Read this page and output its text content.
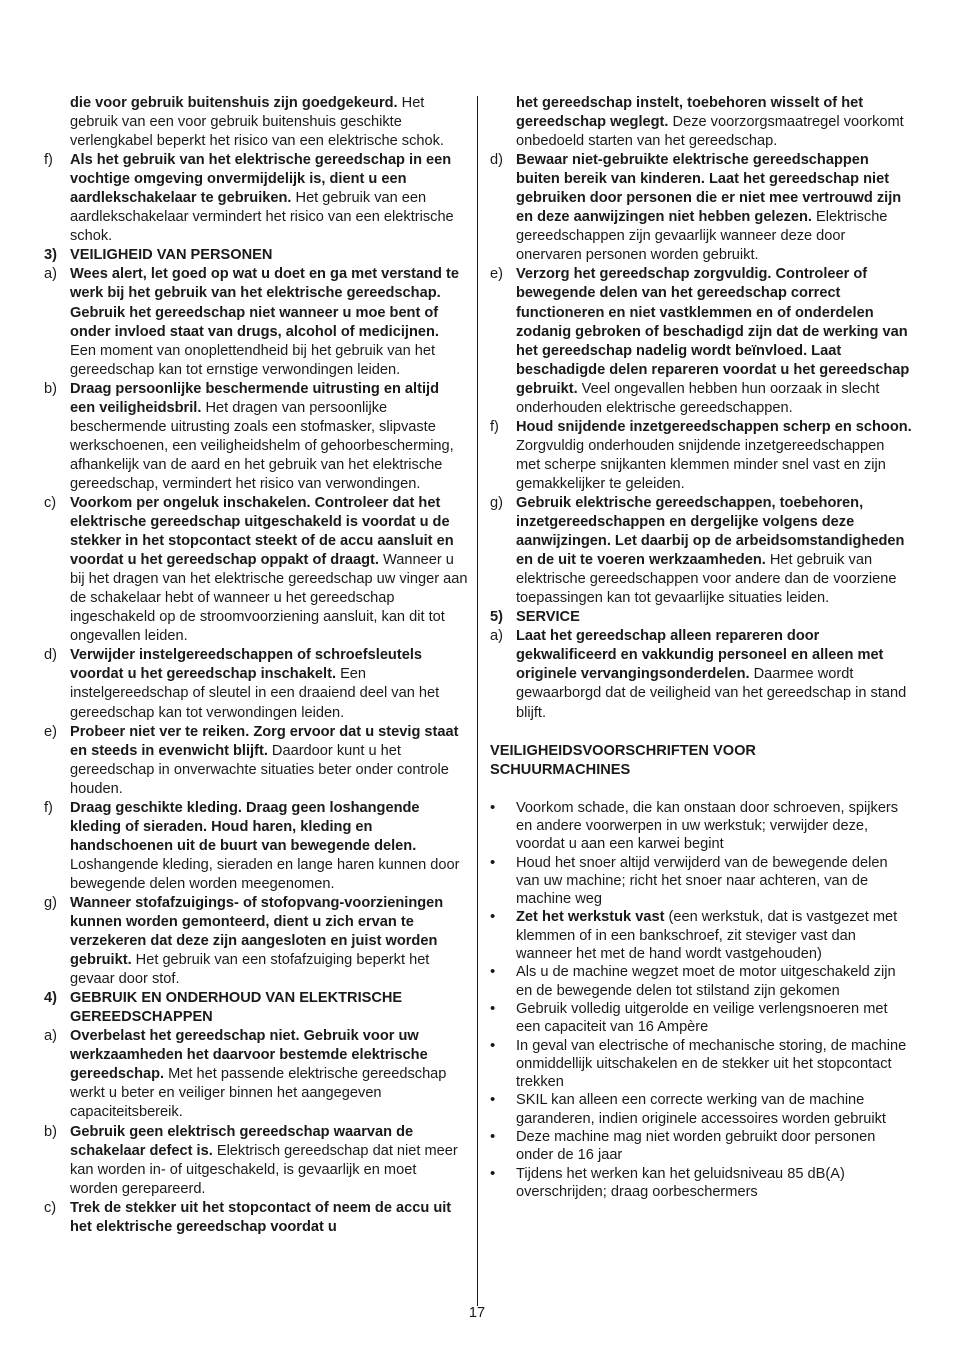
die voor gebruik buitenshuis zijn goedgekeurd. Het gebruik van een voor gebruik buitenshuis geschikte verlengkabel beperkt het risico van een elektrische schok.
f)	Als het gebruik van het elektrische gereedschap in een vochtige omgeving onvermijdelijk is, dient u een aardlekschakelaar te gebruiken. Het gebruik van een aardlekschakelaar vermindert het risico van een elektrische schok.
3) VEILIGHEID VAN PERSONEN
a) Wees alert, let goed op wat u doet en ga met verstand te werk bij het gebruik van het elektrische gereedschap. Gebruik het gereedschap niet wanneer u moe bent of onder invloed staat van drugs, alcohol of medicijnen. Een moment van onoplettendheid bij het gebruik van het gereedschap kan tot ernstige verwondingen leiden.
b) Draag persoonlijke beschermende uitrusting en altijd een veiligheidsbril. Het dragen van persoonlijke beschermende uitrusting zoals een stofmasker, slipvaste werkschoenen, een veiligheidshelm of gehoorbescherming, afhankelijk van de aard en het gebruik van het elektrische gereedschap, vermindert het risico van verwondingen.
c) Voorkom per ongeluk inschakelen. Controleer dat het elektrische gereedschap uitgeschakeld is voordat u de stekker in het stopcontact steekt of de accu aansluit en voordat u het gereedschap oppakt of draagt. Wanneer u bij het dragen van het elektrische gereedschap uw vinger aan de schakelaar hebt of wanneer u het gereedschap ingeschakeld op de stroomvoorziening aansluit, kan dit tot ongevallen leiden.
d) Verwijder instelgereedschappen of schroefsleutels voordat u het gereedschap inschakelt. Een instelgereedschap of sleutel in een draaiend deel van het gereedschap kan tot verwondingen leiden.
e) Probeer niet ver te reiken. Zorg ervoor dat u stevig staat en steeds in evenwicht blijft. Daardoor kunt u het gereedschap in onverwachte situaties beter onder controle houden.
f)	Draag geschikte kleding. Draag geen loshangende kleding of sieraden. Houd haren, kleding en handschoenen uit de buurt van bewegende delen. Loshangende kleding, sieraden en lange haren kunnen door bewegende delen worden meegenomen.
g) Wanneer stofafzuigings- of stofopvang-voorzieningen kunnen worden gemonteerd, dient u zich ervan te verzekeren dat deze zijn aangesloten en juist worden gebruikt. Het gebruik van een stofafzuiging beperkt het gevaar door stof.
4) GEBRUIK EN ONDERHOUD VAN ELEKTRISCHE GEREEDSCHAPPEN
a) Overbelast het gereedschap niet. Gebruik voor uw werkzaamheden het daarvoor bestemde elektrische gereedschap. Met het passende elektrische gereedschap werkt u beter en veiliger binnen het aangegeven capaciteitsbereik.
b) Gebruik geen elektrisch gereedschap waarvan de schakelaar defect is. Elektrisch gereedschap dat niet meer kan worden in- of uitgeschakeld, is gevaarlijk en moet worden gerepareerd.
c) Trek de stekker uit het stopcontact of neem de accu uit het elektrische gereedschap voordat u
het gereedschap instelt, toebehoren wisselt of het gereedschap weglegt. Deze voorzorgsmaatregel voorkomt onbedoeld starten van het gereedschap.
d) Bewaar niet-gebruikte elektrische gereedschappen buiten bereik van kinderen. Laat het gereedschap niet gebruiken door personen die er niet mee vertrouwd zijn en deze aanwijzingen niet hebben gelezen. Elektrische gereedschappen zijn gevaarlijk wanneer deze door onervaren personen worden gebruikt.
e) Verzorg het gereedschap zorgvuldig. Controleer of bewegende delen van het gereedschap correct functioneren en niet vastklemmen en of onderdelen zodanig gebroken of beschadigd zijn dat de werking van het gereedschap nadelig wordt beïnvloed. Laat beschadigde delen repareren voordat u het gereedschap gebruikt. Veel ongevallen hebben hun oorzaak in slecht onderhouden elektrische gereedschappen.
f)	Houd snijdende inzetgereedschappen scherp en schoon. Zorgvuldig onderhouden snijdende inzetgereedschappen met scherpe snijkanten klemmen minder snel vast en zijn gemakkelijker te geleiden.
g) Gebruik elektrische gereedschappen, toebehoren, inzetgereedschappen en dergelijke volgens deze aanwijzingen. Let daarbij op de arbeidsomstandigheden en de uit te voeren werkzaamheden. Het gebruik van elektrische gereedschappen voor andere dan de voorziene toepassingen kan tot gevaarlijke situaties leiden.
5) SERVICE
a) Laat het gereedschap alleen repareren door gekwalificeerd en vakkundig personeel en alleen met originele vervangingsonderdelen. Daarmee wordt gewaarborgd dat de veiligheid van het gereedschap in stand blijft.
VEILIGHEIDSVOORSCHRIFTEN VOOR SCHUURMACHINES
•	Voorkom schade, die kan onstaan door schroeven, spijkers en andere voorwerpen in uw werkstuk; verwijder deze, voordat u aan een karwei begint
•	Houd het snoer altijd verwijderd van de bewegende delen van uw machine; richt het snoer naar achteren, van de machine weg
•	Zet het werkstuk vast (een werkstuk, dat is vastgezet met klemmen of in een bankschroef, zit steviger vast dan wanneer het met de hand wordt vastgehouden)
•	Als u de machine wegzet moet de motor uitgeschakeld zijn en de bewegende delen tot stilstand zijn gekomen
•	Gebruik volledig uitgerolde en veilige verlengsnoeren met een capaciteit van 16 Ampère
•	In geval van electrische of mechanische storing, de machine onmiddellijk uitschakelen en de stekker uit het stopcontact trekken
•	SKIL kan alleen een correcte werking van de machine garanderen, indien originele accessoires worden gebruikt
•	Deze machine mag niet worden gebruikt door personen onder de 16 jaar
•	Tijdens het werken kan het geluidsniveau 85 dB(A) overschrijden; draag oorbeschermers
17
